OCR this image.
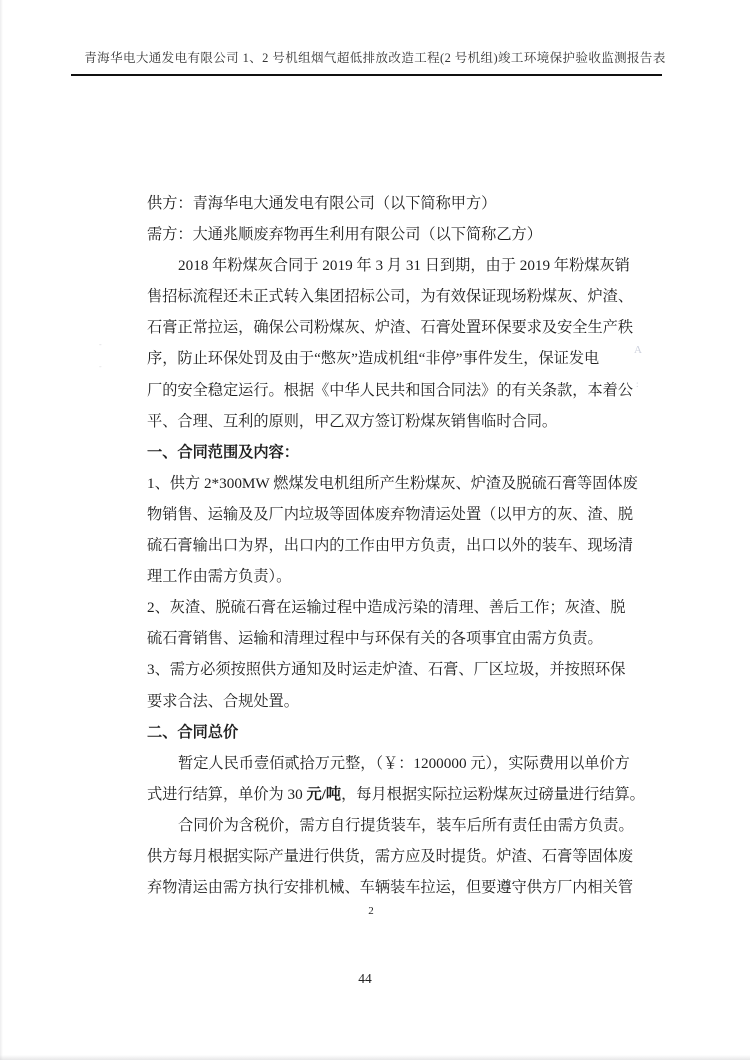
青海华电大通发电有限公司 1、2 号机组烟气超低排放改造工程(2 号机组)竣工环境保护验收监测报告表
供方：青海华电大通发电有限公司（以下简称甲方）
需方：大通兆顺废弃物再生利用有限公司（以下简称乙方）
2018 年粉煤灰合同于 2019 年 3 月 31 日到期，由于 2019 年粉煤灰销
售招标流程还未正式转入集团招标公司，为有效保证现场粉煤灰、炉渣、
石膏正常拉运，确保公司粉煤灰、炉渣、石膏处置环保要求及安全生产秩
序，防止环保处罚及由于“憋灰”造成机组“非停”事件发生，保证发电
厂的安全稳定运行。根据《中华人民共和国合同法》的有关条款，本着公
平、合理、互利的原则，甲乙双方签订粉煤灰销售临时合同。
一、合同范围及内容：
1、供方 2*300MW 燃煤发电机组所产生粉煤灰、炉渣及脱硫石膏等固体废
物销售、运输及及厂内垃圾等固体废弃物清运处置（以甲方的灰、渣、脱
硫石膏输出口为界，出口内的工作由甲方负责，出口以外的装车、现场清
理工作由需方负责）。
2、灰渣、脱硫石膏在运输过程中造成污染的清理、善后工作；灰渣、脱
硫石膏销售、运输和清理过程中与环保有关的各项事宜由需方负责。
3、需方必须按照供方通知及时运走炉渣、石膏、厂区垃圾，并按照环保
要求合法、合规处置。
二、合同总价
暂定人民币壹佰贰拾万元整，（￥：1200000 元），实际费用以单价方
式进行结算，单价为 30 元/吨，每月根据实际拉运粉煤灰过磅量进行结算。
合同价为含税价，需方自行提货装车，装车后所有责任由需方负责。
供方每月根据实际产量进行供货，需方应及时提货。炉渣、石膏等固体废
弃物清运由需方执行安排机械、车辆装车拉运，但要遵守供方厂内相关管
2
44
A
:
-
-
